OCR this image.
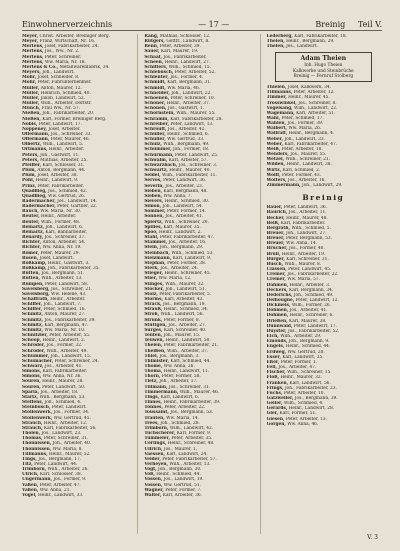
Einwohnerverzeichnis	— 17 —	Breinig Teil V.
Meyer, Christ. Arbeiter, Breiniger Berg.
Meyer, Franz, Wirtschaft, Nr. 16.
Mertens, Josef, Fabrikarbeiter, 24.
Mertens, Jos., Ww., Nr. 2.
Mertens, Peter, Schreiner.
Mertens, Ww. Maria, Nr. 18.
Mertens & Co., Metallwarenfabrik, 34.
Meyers, Joh., Landwirt.
Mohr, Josef, Schneider, 8.
Mohr, Peter, Fuhrunternehmer.
Müller, Anton, Maurer, 12.
Müller, Heinrich, Schmied, 40.
Müller, Jakob, Landwirt, 52.
Müller, Wilh., Arbeiter, Dorfstr.
Münch, Frau Ww., Nr. 57.
Nießen, Joh., Fabrikarbeiter, 20.
Nießen, Karl, Former, Breiniger Berg.
Nobis, Peter, Landwirt, 17.
Noppeney, Josef, Arbeiter.
Offermann, Jos., Schreiner, 33.
Offermann, Peter, Maurer, 46.
Olbertz, Wilh., Landwirt, 5.
Ortmanns, Heinr., Arbeiter.
Peters, Joh., Gastwirt, 11.
Peters, Mathias, Arbeiter, 25.
Pfeiffer, Karl, Schlosser, 31.
Plum, Anton, Bergmann, 44.
Plum, Josef, Arbeiter, 38.
Pohl, Heinr., Landwirt, 9.
Prinz, Peter, Fabrikarbeiter.
Quadflieg, Jos., Schmied, 42.
Quadflieg, Ww. Gertrud, 26.
Radermacher, Jos., Landwirt, 14.
Radermacher, Peter, Gärtner, 22.
Rauch, Ww. Maria, Nr. 30.
Reuter, Heinr., Arbeiter.
Reuter, Wilh., Former, 48.
Reinartz, Joh., Landwirt, 6.
Reinartz, Karl, Bahnarbeiter.
Renardy, Jos., Schreiner, 37.
Richter, Anton, Arbeiter, 54.
Richter, Ww. Anna, Nr. 19.
Römer, Peter, Maurer, 29.
Rosen, Josef, Landwirt.
Roßkamp, Heinr., Gastwirt, 3.
Roßkamp, Joh., Fabrikarbeiter, 35.
Rütten, Jos., Bergmann, 51.
Rütten, Wilh., Arbeiter, 13.
Rumpen, Peter, Landwirt, 58.
Savelsberg, Jos., Schreiner, 21.
Savelsberg, Ww. Helene, 43.
Schaffrath, Heinr., Arbeiter.
Schiffer, Joh., Landwirt, 7.
Schiffer, Peter, Schmied, 16.
Schmitz, Anton, Maurer, 27.
Schmitz, Jos., Fabrikarbeiter, 39.
Schmitz, Karl, Bergmann, 47.
Schmitz, Ww. Maria, Nr. 10.
Schnitzler, Peter, Arbeiter, 55.
Schoop, Heinr., Landwirt, 2.
Schröder, Jos., Former, 32.
Schröder, Wilh., Arbeiter, 49.
Schümmer, Joh., Landwirt, 15.
Schumacher, Peter, Schreiner, 24.
Schwarz, Jos., Arbeiter, 41.
Simons, Karl, Fabrikarbeiter.
Simons, Ww. Anna, Nr. 36.
Souren, Heinr., Maurer, 28.
Souren, Peter, Landwirt, 50.
Sparla, Jos., Arbeiter, 18.
Startz, Wilh., Bergmann, 53.
Steffens, Joh., Schmied, 4.
Steinbusch, Peter, Landwirt.
Stollenwerk, Jos., Former, 34.
Stollenwerk, Ww. Gertrud, 45.
Strauch, Heinr., Arbeiter, 12.
Strauch, Karl, Fabrikarbeiter, 56.
Tholen, Jos., Landwirt, 23.
Thomas, Peter, Schreiner, 31.
Thönnissen, Joh., Arbeiter, 40.
Thönnissen, Ww. Maria, 8.
Tillmanns, Heinr., Maurer, 52.
Tings, Jos., Bergmann, 17.
Titz, Peter, Landwirt, 44.
Trimborn, Wilh., Arbeiter, 26.
Ulrich, Karl, Schlosser, 38.
Ungermann, Jos., Former, 9.
Vaßen, Peter, Arbeiter, 47.
Vaßen, Ww. Anna, 21.
Vogel, Heinr., Landwirt, 33.
Rang, Mathias, Schlosser, 12.
Rütgers, Gottfr., Landwirt, 8.
Renn, Peter, Arbeiter, 39.
Sauer, Karl, Maurer, 19.
Schaaf, Jos., Fabrikarbeiter.
Scheen, Heinr., Landwirt, 27.
Schiffers, Wilh., Schmied, 15.
Schlebusch, Peter, Arbeiter, 52.
Schlenter, Jos., Former, 4.
Schmidt, Karl, Bergmann, 31.
Schmidt, Ww. Maria, 46.
Schneider, Joh., Landwirt, 22.
Schoenen, Peter, Schreiner, 10.
Schöner, Heinr., Arbeiter, 37.
Schönen, Jos., Gastwirt, 1.
Schornstein, Wilh., Maurer, 55.
Schramm, Karl, Fabrikarbeiter, 28.
Schreiber, Peter, Landwirt, 13.
Schrouff, Jos., Arbeiter, 42.
Schüller, Heinr., Schmied, 6.
Schüller, Ww. Gertrud, 33.
Schulz, Wilh., Bergmann, 49.
Schümmer, Joh., Former, 18.
Schürmann, Peter, Landwirt, 25.
Schwalm, Karl, Arbeiter, 57.
Schwarzbach, Jos., Schreiner, 3.
Schwartz, Heinr., Maurer, 40.
Seidel, Wilh., Fabrikarbeiter, 11.
Servos, Peter, Landwirt, 36.
Severin, Jos., Arbeiter, 23.
Sieben, Karl, Bergmann, 48.
Sieben, Ww. Anna, 7.
Sievers, Heinr., Schmied, 30.
Simon, Joh., Landwirt, 54.
Sommer, Peter, Former, 14.
Sonnen, Jos., Arbeiter, 41.
Spiertz, Wilh., Schreiner, 20.
Spilles, Karl, Maurer, 35.
Spoo, Heinr., Landwirt, 2.
Stahl, Peter, Fabrikarbeiter, 47.
Stammel, Jos., Arbeiter, 16.
Stein, Joh., Bergmann, 29.
Steinbach, Wilh., Schmied, 53.
Stelzmann, Karl, Landwirt, 9.
Stephan, Peter, Former, 38.
Sterk, Jos., Arbeiter, 24.
Stieger, Heinr., Schreiner, 45.
Stier, Ww. Maria, 12.
Stinges, Wilh., Maurer, 32.
Stöcker, Joh., Landwirt, 51.
Stolz, Peter, Fabrikarbeiter, 5.
Storms, Karl, Arbeiter, 43.
Strack, Jos., Bergmann, 19.
Strauß, Heinr., Schmied, 34.
Stroh, Wilh., Landwirt, 56.
Strunk, Peter, Former, 8.
Stüttgen, Jos., Arbeiter, 27.
Surges, Karl, Schreiner, 40.
Tenten, Joh., Maurer, 15.
Teuwen, Heinr., Landwirt, 50.
Thelen, Peter, Fabrikarbeiter, 21.
Theißen, Wilh., Arbeiter, 37.
Thiel, Jos., Bergmann, 3.
Thimister, Karl, Schmied, 44.
Thome, Ww. Anna, 26.
Thoma, Heinr., Landwirt, 11.
Thorn, Peter, Former, 58.
Tietz, Joh., Arbeiter, 17.
Tillmann, Jos., Schreiner, 31.
Timmermann, Wilh., Maurer, 46.
Tings, Karl, Landwirt, 6.
Tinnes, Heinr., Fabrikarbeiter, 39.
Tönnes, Peter, Arbeiter, 22.
Toussaint, Jos., Bergmann, 53.
Trauten, Ww. Maria, 14.
Trees, Joh., Schmied, 28.
Trimborn, Wilh., Landwirt, 42.
Tuchscherer, Karl, Former, 9.
Tümmeler, Peter, Arbeiter, 35.
Uerlings, Heinr., Schreiner, 48.
Ullrich, Jos., Maurer, 1.
Vaessen, Karl, Landwirt, 24.
Velder, Peter, Fabrikarbeiter, 57.
Verheyen, Wilh., Arbeiter, 13.
Vogt, Joh., Bergmann, 30.
Voß, Heinr., Schmied, 44.
Vossen, Jos., Landwirt, 19.
Vossen, Ww. Gertrud, 51.
Wagner, Peter, Former, 7.
Walter, Karl, Arbeiter, 36.
Lederberg, Karl, Fabrikarbeiter, 18.
Thelen, Heinr., Bergmann, 29.
Thelen, Jos., Landwirt.
Adam Theien
Inh. Hugo Theien
Kalkwerke und Steinbrüche
Breinig — Fernruf Stolberg
Thielen, Josef, Kalkwerk, 34.
Tillmanns, Peter, Arbeiter, 12.
Timmer, Heinr., Maurer, 45.
Trosswinkel, Jos., Schreiner, 8.
Vogelsang, Wilh., Landwirt, 22.
Wagemann, Karl, Arbeiter, 51.
Wahl, Peter, Schmied, 17.
Wahlen, Jos., Former, 39.
Walbert, Ww. Maria, 26.
Wallraff, Heinr., Bergmann, 4.
Weber, Joh., Landwirt, 33.
Weber, Karl, Fabrikarbeiter, 47.
Weiß, Peter, Arbeiter, 10.
Wenders, Jos., Maurer, 55.
Wetzel, Wilh., Schreiner, 21.
Wilden, Heinr., Landwirt, 38.
Wirtz, Karl, Schmied, 2.
Wolff, Peter, Former, 43.
Wolters, Jos., Arbeiter, 16.
Zimmermann, Joh., Landwirt, 29.
Breinig
Bauer, Peter, Landwirt, 36.
Baurich, Jos., Arbeiter, 11.
Becker, Heinr., Maurer, 48.
Beiß, Karl, Fabrikarbeiter.
Bergrath, Wilh., Schmied, 5.
Breuer, Joh., Landwirt, 27.
Breuer, Peter, Bergmann, 53.
Breuer, Ww. Anna, 14.
Brücher, Jos., Former, 40.
Brüll, Heinr., Arbeiter, 19.
Bürger, Karl, Schreiner, 31.
Busch, Wilh., Maurer, 8.
Classen, Peter, Landwirt, 45.
Cremer, Jos., Fabrikarbeiter, 22.
Cremer, Ww. Maria, 57.
Dahmen, Heinr., Arbeiter, 3.
Deckers, Karl, Bergmann, 34.
Dederichs, Joh., Schmied, 49.
Delhougne, Peter, Landwirt, 12.
Dickmeis, Wilh., Former, 26.
Dohmen, Jos., Arbeiter, 41.
Dohmen, Heinr., Schreiner, 6.
Drießen, Karl, Maurer, 38.
Dünnwald, Peter, Landwirt, 17.
Duyster, Jos., Fabrikarbeiter, 52.
Eich, Wilh., Arbeiter, 29.
Emonds, Joh., Bergmann, 9.
Engels, Heinr., Schmied, 44.
Erdweg, Ww. Gertrud, 20.
Esser, Karl, Landwirt, 35.
Eßer, Peter, Former, 1.
Fell, Jos., Arbeiter, 47.
Fischer, Wilh., Schreiner, 15.
Floß, Heinr., Maurer, 32.
Franken, Karl, Landwirt, 56.
Frings, Joh., Fabrikarbeiter, 23.
Fuchs, Peter, Arbeiter, 10.
Gatzweiler, Jos., Bergmann, 39.
Geller, Wilh., Schmied, 4.
Gerards, Heinr., Landwirt, 28.
Gier, Karl, Former, 51.
Giesen, Peter, Arbeiter, 13.
Görgen, Ww. Anna, 46.
V. 3
